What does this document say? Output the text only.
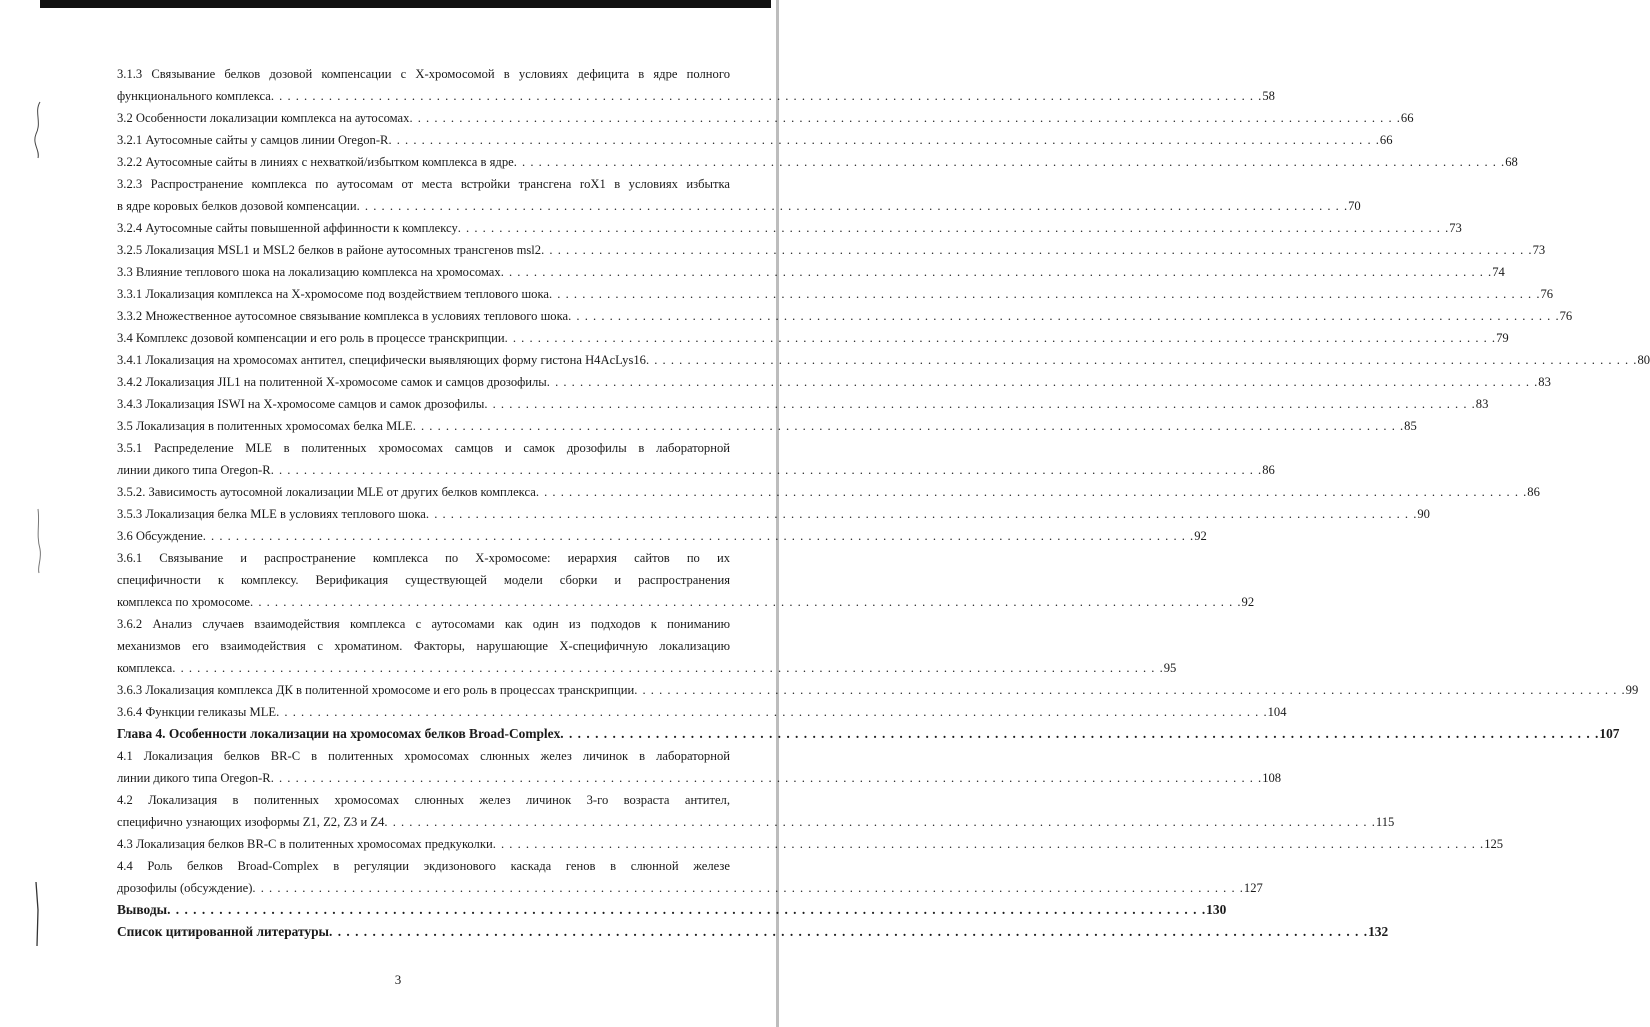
3.1.3 Связывание белков дозовой компенсации с Х-хромосомой в условиях дефицита в ядре полного
функционального комплекса . . .	58
3.2 Особенности локализации комплекса на аутосомах . . .	66
3.2.1 Аутосомные сайты у самцов линии Oregon-R . . .	66
3.2.2 Аутосомные сайты в линиях с нехваткой/избытком комплекса в ядре . . .	68
3.2.3 Распространение комплекса по аутосомам от места встройки трансгена roX1 в условиях избытка
в ядре коровых белков дозовой компенсации . . .	70
3.2.4 Аутосомные сайты повышенной аффинности к комплексу . . .	73
3.2.5 Локализация MSL1 и MSL2 белков в районе аутосомных трансгенов msl2 . . .	73
3.3 Влияние теплового шока на локализацию комплекса на хромосомах . . .	74
3.3.1 Локализация комплекса на Х-хромосоме под воздействием теплового шока . . .	76
3.3.2 Множественное аутосомное связывание комплекса в условиях теплового шока . . .	76
3.4 Комплекс дозовой компенсации и его роль в процессе транскрипции . . .	79
3.4.1 Локализация на хромосомах антител, специфически выявляющих форму гистона H4AcLys16 . . .	80
3.4.2 Локализация JIL1 на политенной Х-хромосоме самок и самцов дрозофилы . . .	83
3.4.3 Локализация ISWI на Х-хромосоме самцов и самок дрозофилы . . .	83
3.5 Локализация в политенных хромосомах белка MLE . . .	85
3.5.1 Распределение MLE в политенных хромосомах самцов и самок дрозофилы в лабораторной
линии дикого типа Oregon-R . . .	86
3.5.2. Зависимость аутосомной локализации MLE от других белков комплекса . . .	86
3.5.3 Локализация белка MLE в условиях теплового шока . . .	90
3.6 Обсуждение . . .	92
3.6.1 Связывание и распространение комплекса по Х-хромосоме: иерархия сайтов по их
специфичности к комплексу. Верификация существующей модели сборки и распространения
комплекса по хромосоме . . .	92
3.6.2 Анализ случаев взаимодействия комплекса с аутосомами как один из подходов к пониманию
механизмов его взаимодействия с хроматином. Факторы, нарушающие Х-специфичную локализацию
комплекса . . .	95
3.6.3 Локализация комплекса ДК в политенной хромосоме и его роль в процессах транскрипции . . .	99
3.6.4 Функции геликазы MLE . . .	104
Глава 4. Особенности локализации на хромосомах белков Broad-Complex . . .	107
4.1 Локализация белков BR-C в политенных хромосомах слюнных желез личинок в лабораторной
линии дикого типа Oregon-R . . .	108
4.2 Локализация в политенных хромосомах слюнных желез личинок 3-го возраста антител,
специфично узнающих изоформы Z1, Z2, Z3 и Z4 . . .	115
4.3 Локализация белков BR-C в политенных хромосомах предкуколки . . .	125
4.4 Роль белков Broad-Complex в регуляции экдизонового каскада генов в слюнной железе
дрозофилы (обсуждение) . . .	127
Выводы . . .	130
Список цитированной литературы . . .	132
3
